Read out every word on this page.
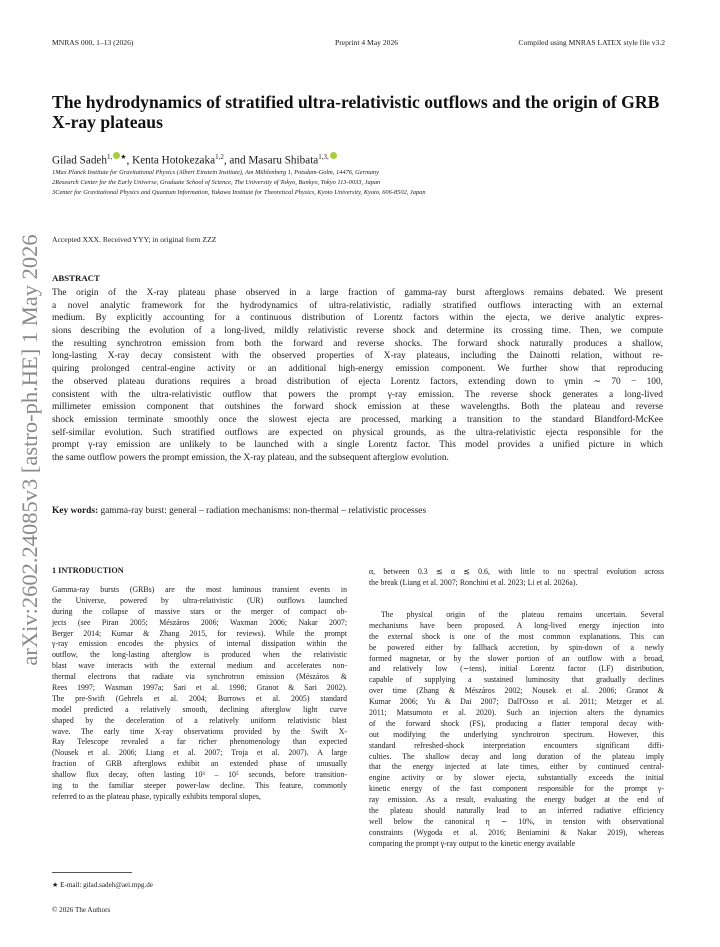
MNRAS 000, 1–13 (2026)	Preprint 4 May 2026	Compiled using MNRAS LATEX style file v3.2
arXiv:2602.24085v3 [astro-ph.HE] 1 May 2026
The hydrodynamics of stratified ultra-relativistic outflows and the origin of GRB X-ray plateaus
Gilad Sadeh$^{1,}$ ★, Kenta Hotokezaka$^{1,2}$, and Masaru Shibata$^{1,3,}$
1Max Planck Institute for Gravitational Physics (Albert Einstein Institute), Am Mühlenberg 1, Potsdam-Golm, 14476, Germany
2Research Center for the Early Universe, Graduate School of Science, The University of Tokyo, Bunkyo, Tokyo 113-0033, Japan
3Center for Gravitational Physics and Quantum Information, Yukawa Institute for Theoretical Physics, Kyoto University, Kyoto, 606-8502, Japan
Accepted XXX. Received YYY; in original form ZZZ
ABSTRACT
The origin of the X-ray plateau phase observed in a large fraction of gamma-ray burst afterglows remains debated. We present
a novel analytic framework for the hydrodynamics of ultra-relativistic, radially stratified outflows interacting with an external
medium. By explicitly accounting for a continuous distribution of Lorentz factors within the ejecta, we derive analytic expres-
sions describing the evolution of a long-lived, mildly relativistic reverse shock and determine its crossing time. Then, we compute
the resulting synchrotron emission from both the forward and reverse shocks. The forward shock naturally produces a shallow,
long-lasting X-ray decay consistent with the observed properties of X-ray plateaus, including the Dainotti relation, without re-
quiring prolonged central-engine activity or an additional high-energy emission component. We further show that reproducing
the observed plateau durations requires a broad distribution of ejecta Lorentz factors, extending down to γmin ∼ 70 − 100,
consistent with the ultra-relativistic outflow that powers the prompt γ-ray emission. The reverse shock generates a long-lived
millimeter emission component that outshines the forward shock emission at these wavelengths. Both the plateau and reverse
shock emission terminate smoothly once the slowest ejecta are processed, marking a transition to the standard Blandford-McKee
self-similar evolution. Such stratified outflows are expected on physical grounds, as the ultra-relativistic ejecta responsible for the
prompt γ-ray emission are unlikely to be launched with a single Lorentz factor. This model provides a unified picture in which
the same outflow powers the prompt emission, the X-ray plateau, and the subsequent afterglow evolution.
Key words: gamma-ray burst: general – radiation mechanisms: non-thermal – relativistic processes
1 INTRODUCTION
Gamma-ray bursts (GRBs) are the most luminous transient events in
the Universe, powered by ultra-relativistic (UR) outflows launched
during the collapse of massive stars or the merger of compact ob-
jects (see Piran 2005; Mészáros 2006; Waxman 2006; Nakar 2007;
Berger 2014; Kumar & Zhang 2015, for reviews). While the prompt
γ-ray emission encodes the physics of internal dissipation within the
outflow, the long-lasting afterglow is produced when the relativistic
blast wave interacts with the external medium and accelerates non-
thermal electrons that radiate via synchrotron emission (Mészáros &
Rees 1997; Waxman 1997a; Sari et al. 1998; Granot & Sari 2002).
The pre-Swift (Gehrels et al. 2004; Burrows et al. 2005) standard
model predicted a relatively smooth, declining afterglow light curve
shaped by the deceleration of a relatively uniform relativistic blast
wave. The early time X-ray observations provided by the Swift X-
Ray Telescope revealed a far richer phenomenology than expected
(Nousek et al. 2006; Liang et al. 2007; Troja et al. 2007). A large
fraction of GRB afterglows exhibit an extended phase of unusually
shallow flux decay, often lasting 10³ – 10⁵ seconds, before transition-
ing to the familiar steeper power-law decline. This feature, commonly
referred to as the plateau phase, typically exhibits temporal slopes,
α, between 0.3 ≲ α ≲ 0.6, with little to no spectral evolution across
the break (Liang et al. 2007; Ronchini et al. 2023; Li et al. 2026a).
The physical origin of the plateau remains uncertain. Several
mechanisms have been proposed. A long-lived energy injection into
the external shock is one of the most common explanations. This can
be powered either by fallback accretion, by spin-down of a newly
formed magnetar, or by the slower portion of an outflow with a broad,
and relatively low (∼tens), initial Lorentz factor (LF) distribution,
capable of supplying a sustained luminosity that gradually declines
over time (Zhang & Mészáros 2002; Nousek et al. 2006; Granot &
Kumar 2006; Yu & Dai 2007; Dall'Osso et al. 2011; Metzger et al.
2011; Matsumoto et al. 2020). Such an injection alters the dynamics
of the forward shock (FS), producing a flatter temporal decay with-
out modifying the underlying synchrotron spectrum. However, this
standard refreshed-shock interpretation encounters significant diffi-
culties. The shallow decay and long duration of the plateau imply
that the energy injected at late times, either by continued central-
engine activity or by slower ejecta, substantially exceeds the initial
kinetic energy of the fast component responsible for the prompt γ-
ray emission. As a result, evaluating the energy budget at the end of
the plateau should naturally lead to an inferred radiative efficiency
well below the canonical η ∼ 10%, in tension with observational
constraints (Wygoda et al. 2016; Beniamini & Nakar 2019), whereas
comparing the prompt γ-ray output to the kinetic energy available
★ E-mail: gilad.sadeh@aei.mpg.de
© 2026 The Authors
